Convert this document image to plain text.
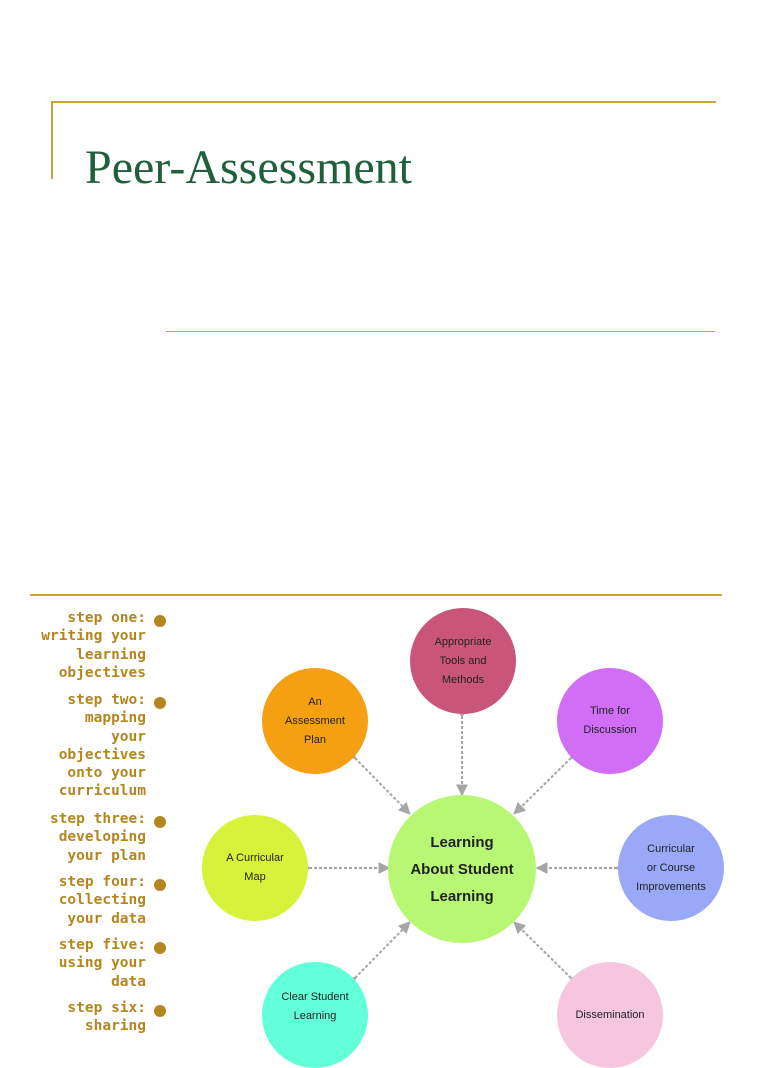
Peer-Assessment
step one:
writing your
learning
objectives
step two:
mapping
your
objectives
onto your
curriculum
step three:
developing
your plan
step four:
collecting
your data
step five:
using your
data
step six:
sharing
Appropriate
Tools and
Methods
Time for
Discussion
Curricular
or Course
Improvements
Dissemination
Clear Student
Learning
A Curricular
Map
An
Assessment
Plan
Learning
About Student
Learning
